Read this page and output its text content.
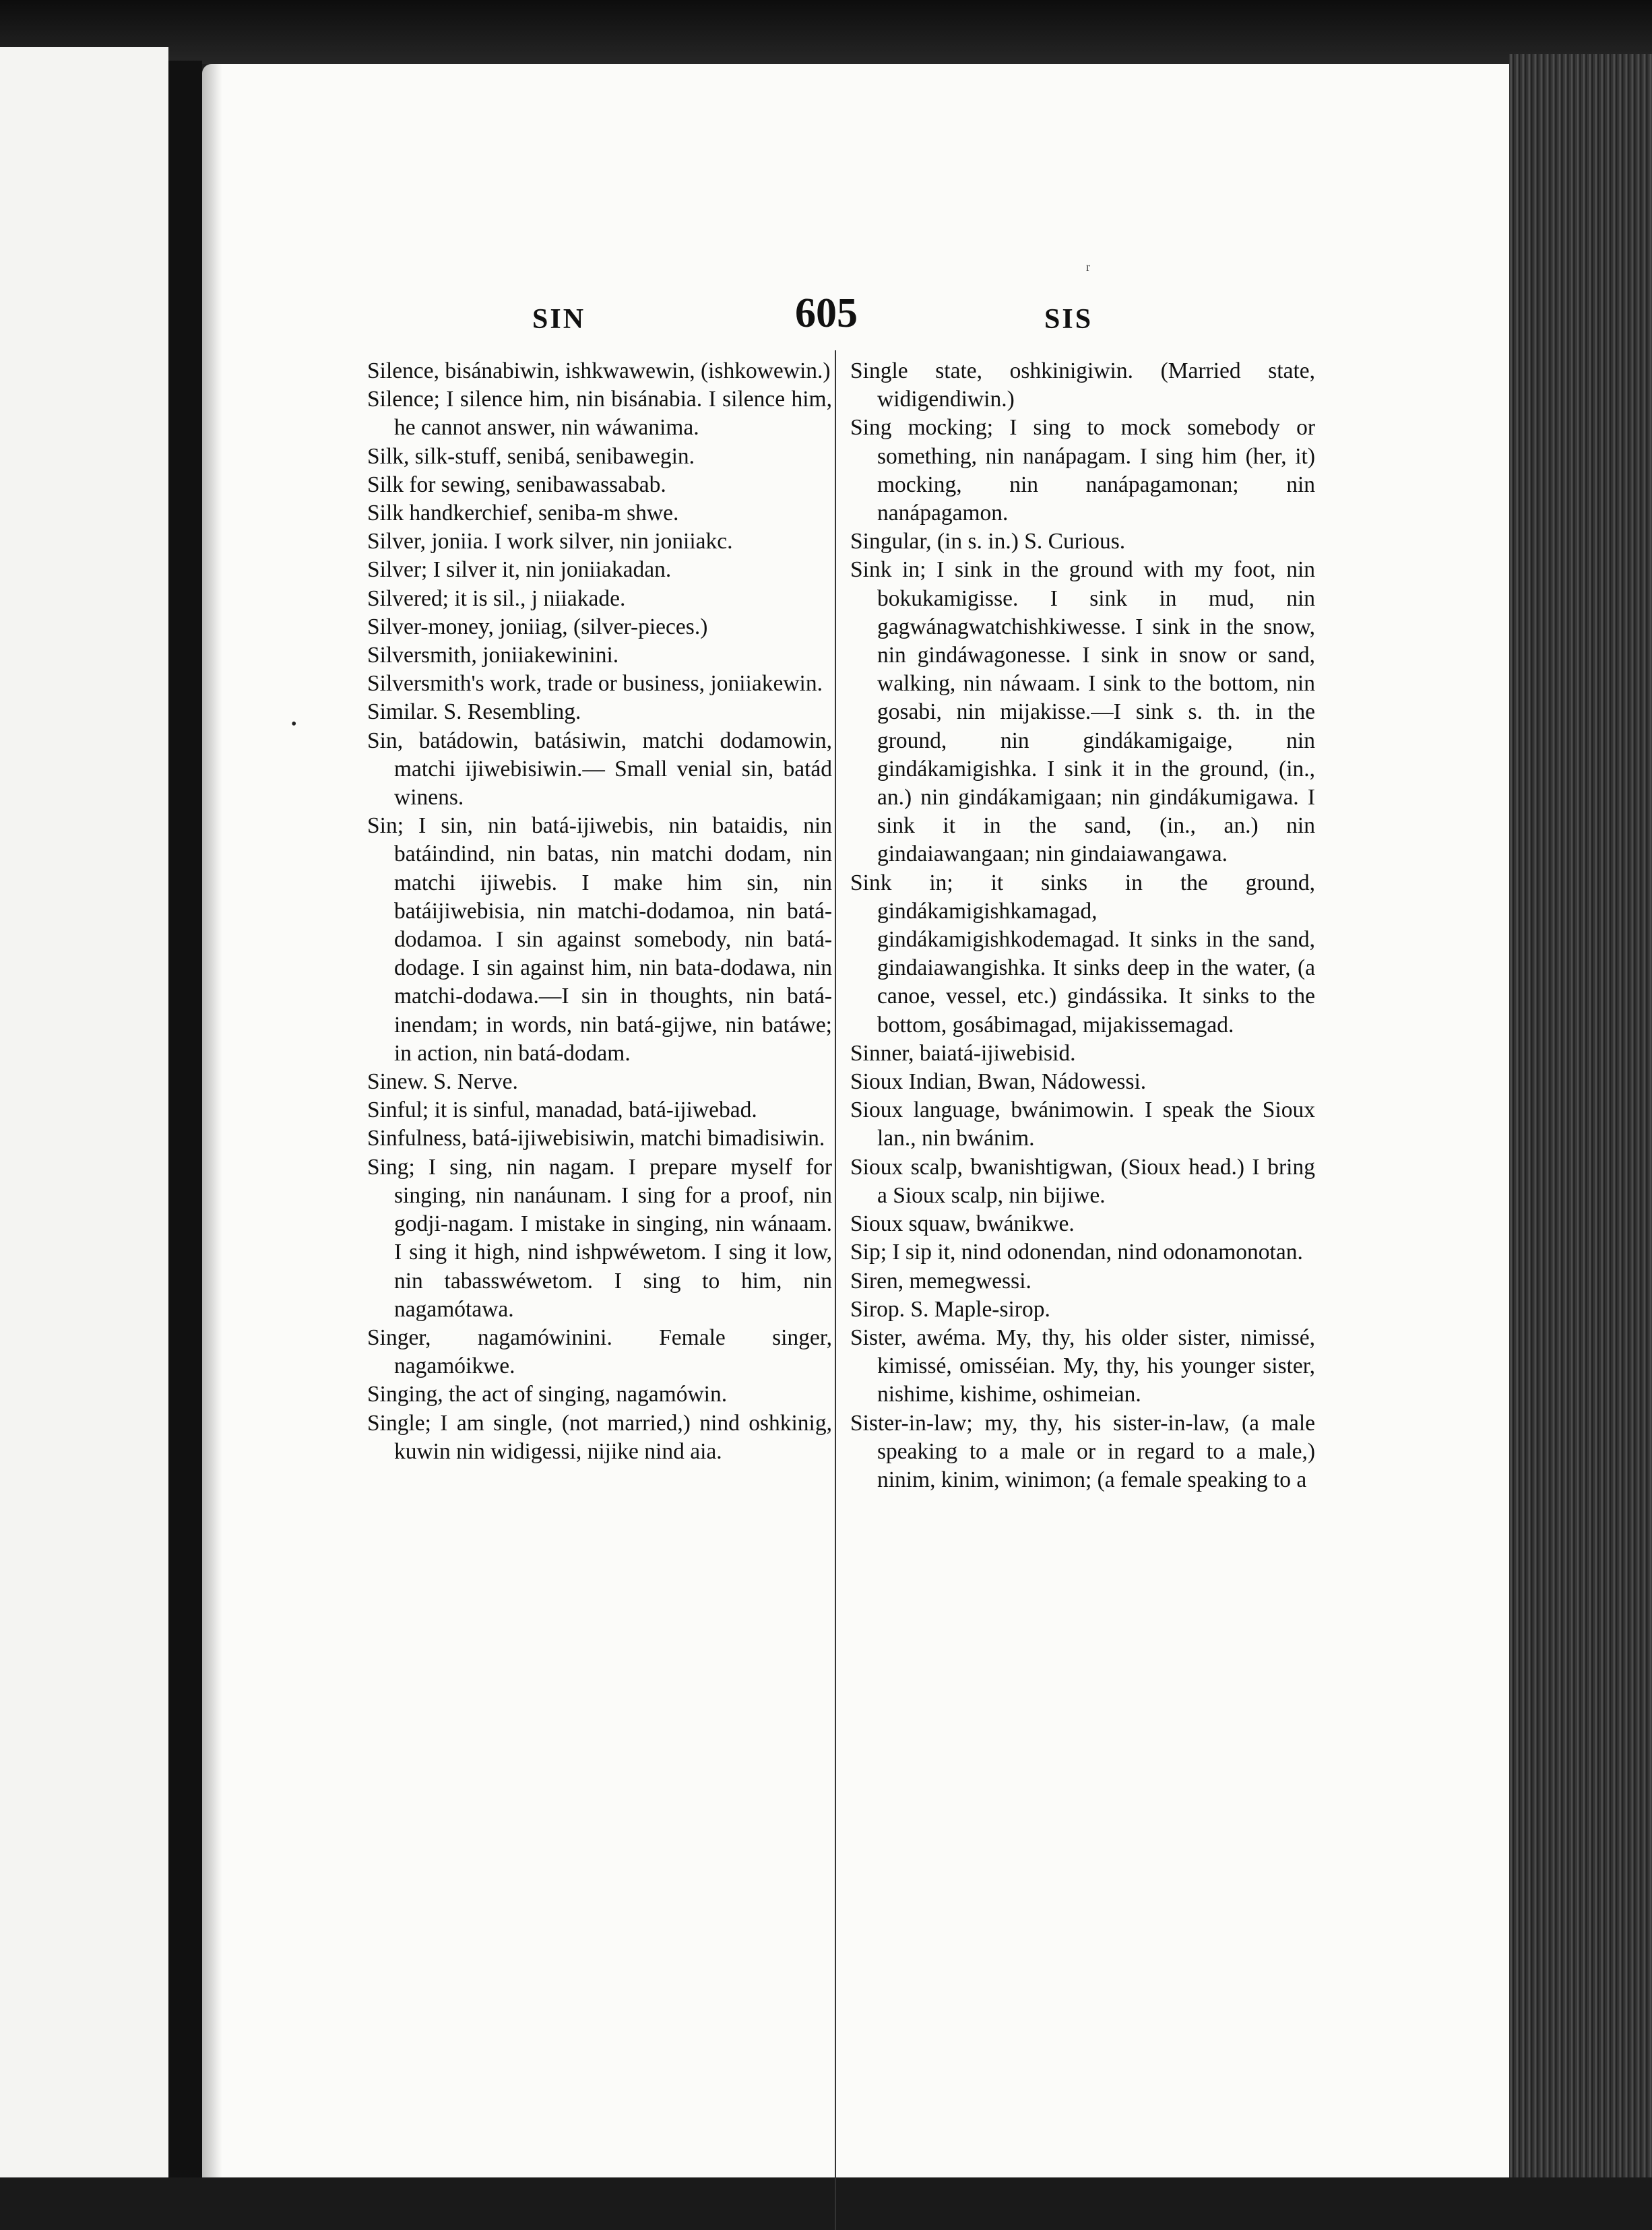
r
•
SIN	605	SIS

Silence, bisánabiwin, ishkwawewin, (ishkowewin.)

Silence; I silence him, nin bisánabia. I silence him, he cannot answer, nin wáwanima.

Silk, silk-stuff, senibá, senibawegin.

Silk for sewing, senibawassabab.

Silk handkerchief, seniba-m shwe.

Silver, joniia. I work silver, nin joniiakc.

Silver; I silver it, nin joniiakadan.

Silvered; it is sil., j niiakade.

Silver-money, joniiag, (silver-pieces.)

Silversmith, joniiakewinini.

Silversmith's work, trade or business, joniiakewin.

Similar. S. Resembling.

Sin, batádowin, batásiwin, matchi dodamowin, matchi ijiwebisiwin.— Small venial sin, batád winens.

Sin; I sin, nin batá-ijiwebis, nin bataidis, nin batáindind, nin batas, nin matchi dodam, nin matchi ijiwebis. I make him sin, nin batáijiwebisia, nin matchi-dodamoa, nin batá-dodamoa. I sin against somebody, nin batá-dodage. I sin against him, nin bata-dodawa, nin matchi-dodawa.—I sin in thoughts, nin batá-inendam; in words, nin batá-gijwe, nin batáwe; in action, nin batá-dodam.

Sinew. S. Nerve.

Sinful; it is sinful, manadad, batá-ijiwebad.

Sinfulness, batá-ijiwebisiwin, matchi bimadisiwin.

Sing; I sing, nin nagam. I prepare myself for singing, nin nanáunam. I sing for a proof, nin godji-nagam. I mistake in singing, nin wánaam. I sing it high, nind ishpwéwetom. I sing it low, nin tabasswéwetom. I sing to him, nin nagamótawa.

Singer, nagamówinini. Female singer, nagamóikwe.

Singing, the act of singing, nagamówin.

Single; I am single, (not married,) nind oshkinig, kuwin nin widigessi, nijike nind aia.

Single state, oshkinigiwin. (Married state, widigendiwin.)

Sing mocking; I sing to mock somebody or something, nin nanápagam. I sing him (her, it) mocking, nin nanápagamonan; nin nanápagamon.

Singular, (in s. in.) S. Curious.

Sink in; I sink in the ground with my foot, nin bokukamigisse. I sink in mud, nin gagwánagwatchishkiwesse. I sink in the snow, nin gindáwagonesse. I sink in snow or sand, walking, nin náwaam. I sink to the bottom, nin gosabi, nin mijakisse.—I sink s. th. in the ground, nin gindákamigaige, nin gindákamigishka. I sink it in the ground, (in., an.) nin gindákamigaan; nin gindákumigawa. I sink it in the sand, (in., an.) nin gindaiawangaan; nin gindaiawangawa.

Sink in; it sinks in the ground, gindákamigishkamagad, gindákamigishkodemagad. It sinks in the sand, gindaiawangishka. It sinks deep in the water, (a canoe, vessel, etc.) gindássika. It sinks to the bottom, gosábimagad, mijakissemagad.

Sinner, baiatá-ijiwebisid.

Sioux Indian, Bwan, Nádowessi.

Sioux language, bwánimowin. I speak the Sioux lan., nin bwánim.

Sioux scalp, bwanishtigwan, (Sioux head.) I bring a Sioux scalp, nin bijiwe.

Sioux squaw, bwánikwe.

Sip; I sip it, nind odonendan, nind odonamonotan.

Siren, memegwessi.

Sirop. S. Maple-sirop.

Sister, awéma. My, thy, his older sister, nimissé, kimissé, omisséian. My, thy, his younger sister, nishime, kishime, oshimeian.

Sister-in-law; my, thy, his sister-in-law, (a male speaking to a male or in regard to a male,) ninim, kinim, winimon; (a female speaking to a
